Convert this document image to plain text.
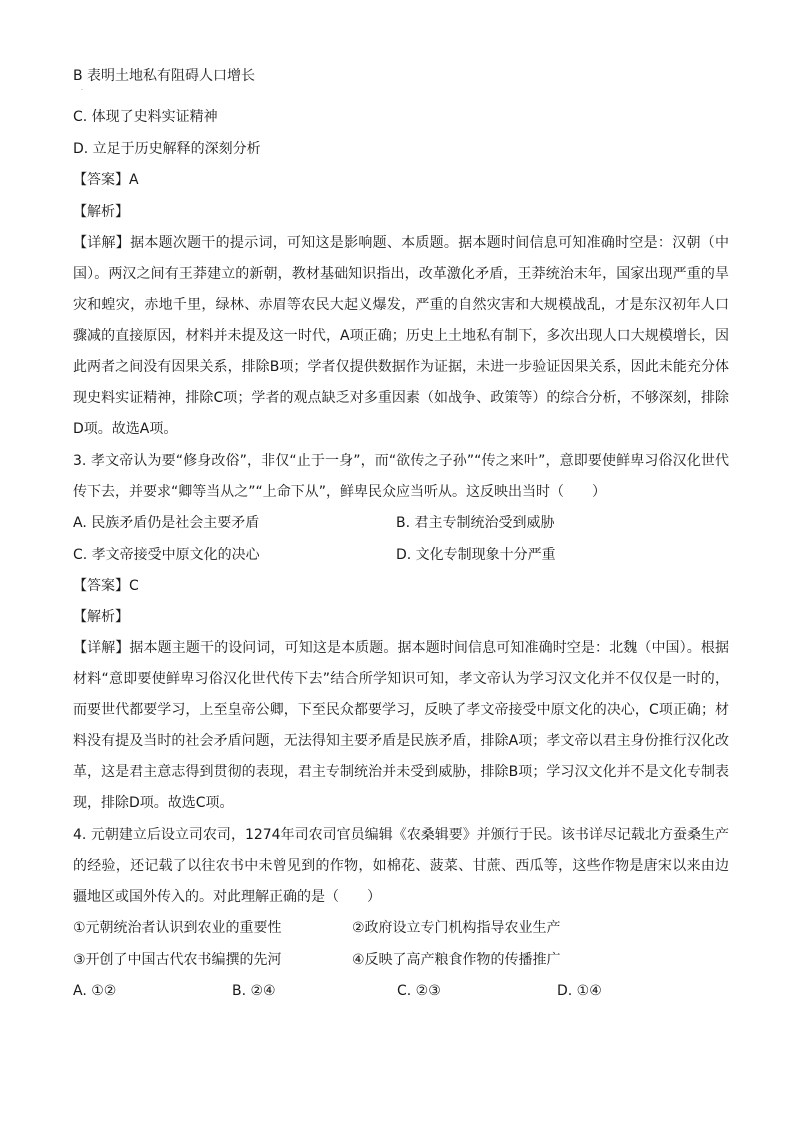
B 表明土地私有阻碍人口增长
·
C. 体现了史料实证精神
D. 立足于历史解释的深刻分析
【答案】A
【解析】
【详解】据本题次题干的提示词，可知这是影响题、本质题。据本题时间信息可知准确时空是：汉朝（中国）。两汉之间有王莽建立的新朝，教材基础知识指出，改革激化矛盾，王莽统治末年，国家出现严重的旱灾和蝗灾，赤地千里，绿林、赤眉等农民大起义爆发，严重的自然灾害和大规模战乱，才是东汉初年人口骤减的直接原因，材料并未提及这一时代，A项正确；历史上土地私有制下，多次出现人口大规模增长，因此两者之间没有因果关系，排除B项；学者仅提供数据作为证据，未进一步验证因果关系，因此未能充分体现史料实证精神，排除C项；学者的观点缺乏对多重因素（如战争、政策等）的综合分析，不够深刻，排除D项。故选A项。
3. 孝文帝认为要“修身改俗”，非仅“止于一身”，而“欲传之子孙”“传之来叶”，意即要使鲜卑习俗汉化世代传下去，并要求“卿等当从之”“上命下从”，鲜卑民众应当听从。这反映出当时（　　）
A. 民族矛盾仍是社会主要矛盾	B. 君主专制统治受到威胁
C. 孝文帝接受中原文化的决心	D. 文化专制现象十分严重
【答案】C
【解析】
【详解】据本题主题干的设问词，可知这是本质题。据本题时间信息可知准确时空是：北魏（中国）。根据材料“意即要使鲜卑习俗汉化世代传下去”结合所学知识可知，孝文帝认为学习汉文化并不仅仅是一时的，而要世代都要学习，上至皇帝公卿，下至民众都要学习，反映了孝文帝接受中原文化的决心，C项正确；材料没有提及当时的社会矛盾问题，无法得知主要矛盾是民族矛盾，排除A项；孝文帝以君主身份推行汉化改革，这是君主意志得到贯彻的表现，君主专制统治并未受到威胁，排除B项；学习汉文化并不是文化专制表现，排除D项。故选C项。
4. 元朝建立后设立司农司，1274年司农司官员编辑《农桑辑要》并颁行于民。该书详尽记载北方蚕桑生产的经验，还记载了以往农书中未曾见到的作物，如棉花、菠菜、甘蔗、西瓜等，这些作物是唐宋以来由边疆地区或国外传入的。对此理解正确的是（　　）
①元朝统治者认识到农业的重要性	②政府设立专门机构指导农业生产
③开创了中国古代农书编撰的先河	④反映了高产粮食作物的传播推广
A. ①②	B. ②④	C. ②③	D. ①④
